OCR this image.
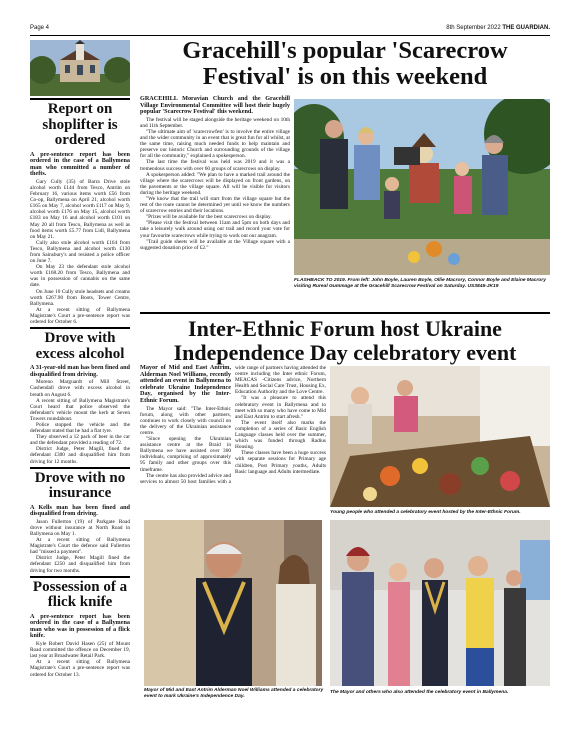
Page 4	8th September 2022 THE GUARDIAN.
Report on shoplifter is ordered
A pre-sentence report has been ordered in the case of a Ballymena man who committed a number of thefts.

Gary Cully (35) of Barra Drive stole alcohol worth £144 from Tesco, Antrim on February 16, various items worth £56 from Co-op, Ballymena on April 21, alcohol worth £165 on May 7, alcohol worth £117 on May 9, alcohol worth £176 on May 15, alcohol worth £183 on May 16 and alcohol worth £101 on May 20 all from Tesco, Ballymena as well as food items worth £5.77 from Lidl, Ballymena on May 21.

Cully also stole alcohol worth £164 from Tesco, Ballymena and alcohol worth £130 from Sainsbury's and resisted a police officer on June 7.

On May 23 the defendant stole alcohol worth £168.20 from Tesco, Ballymena and was in possession of cannabis on the same date.

On June 10 Cully stole headsets and creams worth £267.90 from Boots, Tower Centre, Ballymena.

At a recent sitting of Ballymena Magistrate's Court a pre-sentence report was ordered for October 6.

Drove with excess alcohol
A 31-year-old man has been fined and disqualified from driving.

Moreno Marguardt of Mill Street, Cushendall drove with excess alcohol in breath on August 6.

A recent sitting of Ballymena Magistrate's Court heard that police observed the defendant's vehicle mount the kerb at Seven Towers roundabout.

Police stopped the vehicle and the defendant stated that he had a flat tyre.

They observed a 12 pack of beer in the car and the defendant provided a reading of 72.

District Judge, Peter Magill, fined the defendant £300 and disqualified him from driving for 12 months.

Drove with no insurance
A Kells man has been fined and disqualified from driving.

Jason Fullerton (19) of Parkgate Road drove without insurance at North Road in Ballymena on May 1.

At a recent sitting of Ballymena Magistrate's Court the defence said Fullerton had "missed a payment".

District Judge, Peter Magill fined the defendant £250 and disqualified him from driving for two months.

Possession of a flick knife
A pre-sentence report has been ordered in the case of a Ballymena man who was in possession of a flick knife.

Kyle Robert David Hasen (25) of Mount Road committed the offence on December 19, last year at Broadwater Retail Park.

At a recent sitting of Ballymena Magistrate's Court a pre-sentence report was ordered for October 13.

Gracehill's popular 'Scarecrow Festival' is on this weekend
GRACEHILL Moravian Church and the Gracehill Village Environmental Committee will host their hugely popular 'Scarecrow Festival' this weekend.

The festival will be staged alongside the heritage weekend on 10th and 11th September.

"The ultimate aim of 'scarecrowfest' is to involve the entire village and the wider community in an event that is great fun for all whilst, at the same time, raising much needed funds to help maintain and preserve our historic Church and surrounding grounds of the village for all the community," explained a spokesperson.

The last time the festival was held was 2019 and it was a tremendous success with over 60 groups of scarecrows on display.

A spokesperson added: "We plan to have a marked trail around the village where the scarecrows will be displayed on front gardens, on the pavements or the village square. All will be visible for visitors during the heritage weekend.

"We know that the trail will start from the village square but the rest of the route cannot be determined yet until we know the numbers of scarecrow entries and their locations.

"Prizes will be available for the best scarecrows on display.

"Please visit the festival between 11am and 5pm on both days and take a leisurely walk around using our trail and record your vote for your favourite scarecrows while trying to work out our anagram.

"Trail guide sheets will be available at the Village square with a suggested donation price of £2."

FLASHBACK TO 2019. From left: John Boyle, Lauren Boyle, Ollie Macrory, Connor Boyle and Elaine Macrory visiting Rureal Gummage at the Gracehill Scarecrow Festival on Saturday. US3845-JK19
Inter-Ethnic Forum host Ukraine Independence Day celebratory event
Mayor of Mid and East Antrim, Alderman Noel Williams, recently attended an event in Ballymena to celebrate Ukraine Independence Day, organised by the Inter-Ethnic Forum.

The Mayor said: "The Inter-Ethnic forum, along with other partners, continues to work closely with council on the delivery of the Ukrainian assistance centre.

"Since opening the Ukrainian assistance centre at the Braid in Ballymena we have assisted over 300 individuals, comprising of approximately 95 family and other groups over this timeframe.

The centre has also provided advice and services to almost 50 host families with a wide range of partners having attended the centre including the Inter ethnic Forum, MEACAS -Citizens advice, Northern Health and Social Care Trust, Housing Ex, Education Authority and the Love Centre.

"It was a pleasure to attend this celebratory event in Ballymena and to meet with so many who have come to Mid and East Antrim to start afresh."

The event itself also marks the completion of a series of Basic English Language classes held over the summer, which was funded through Radius Housing.

These classes have been a huge success with separate sessions for Primary age children, Post Primary youths, Adults Basic language and Adults intermediate.

Young people who attended a celebratory event hosted by the Inter-Ethnic Forum.
Mayor of Mid and East Antrim Alderman Noel Williams attended a celebratory event to mark Ukraine's Independence Day.
The Mayor and others who also attended the celebratory event in Ballymena.
